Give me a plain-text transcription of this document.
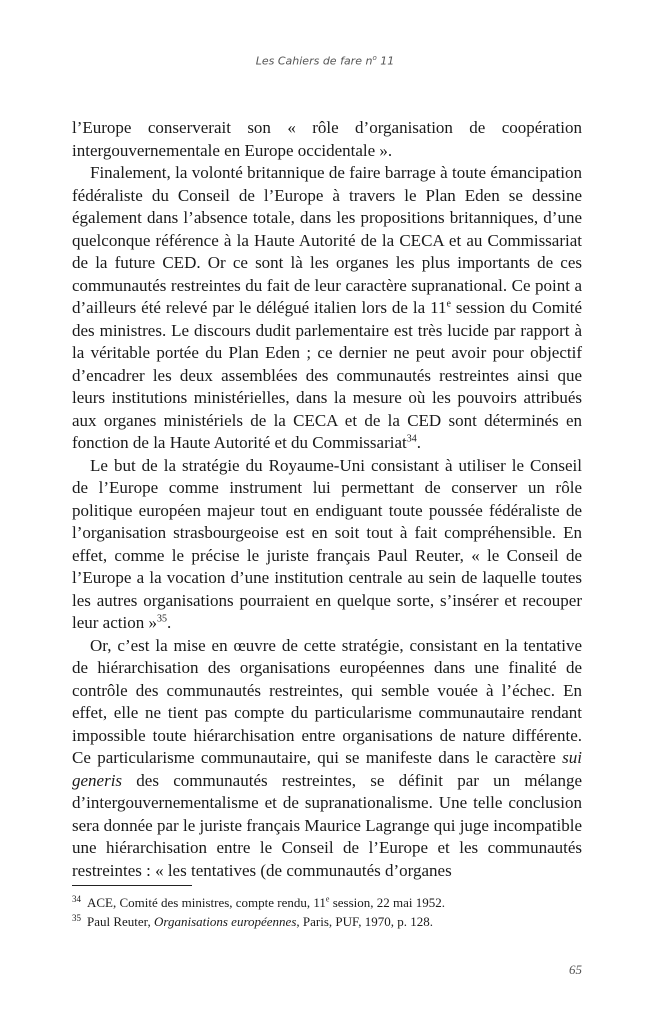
Les Cahiers de fare $n^o$ 11

l’Europe conserverait son « rôle d’organisation de coopération intergouvernementale en Europe occidentale ».

Finalement, la volonté britannique de faire barrage à toute émancipation fédéraliste du Conseil de l’Europe à travers le Plan Eden se dessine également dans l’absence totale, dans les propositions britanniques, d’une quelconque référence à la Haute Autorité de la CECA et au Commissariat de la future CED. Or ce sont là les organes les plus importants de ces communautés restreintes du fait de leur caractère supranational. Ce point a d’ailleurs été relevé par le délégué italien lors de la 11e session du Comité des ministres. Le discours dudit parlementaire est très lucide par rapport à la véritable portée du Plan Eden ; ce dernier ne peut avoir pour objectif d’encadrer les deux assemblées des communautés restreintes ainsi que leurs institutions ministérielles, dans la mesure où les pouvoirs attribués aux organes ministériels de la CECA et de la CED sont déterminés en fonction de la Haute Autorité et du Commissariat$^{34}$.

Le but de la stratégie du Royaume-Uni consistant à utiliser le Conseil de l’Europe comme instrument lui permettant de conserver un rôle politique européen majeur tout en endiguant toute poussée fédéraliste de l’organisation strasbourgeoise est en soit tout à fait compréhensible. En effet, comme le précise le juriste français Paul Reuter, « le Conseil de l’Europe a la vocation d’une institution centrale au sein de laquelle toutes les autres organisations pourraient en quelque sorte, s’insérer et recouper leur action »$^{35}$.

Or, c’est la mise en œuvre de cette stratégie, consistant en la tentative de hiérarchisation des organisations européennes dans une finalité de contrôle des communautés restreintes, qui semble vouée à l’échec. En effet, elle ne tient pas compte du particularisme communautaire rendant impossible toute hiérarchisation entre organisations de nature différente. Ce particularisme communautaire, qui se manifeste dans le caractère sui generis des communautés restreintes, se définit par un mélange d’intergouvernementalisme et de supranationalisme. Une telle conclusion sera donnée par le juriste français Maurice Lagrange qui juge incompatible une hiérarchisation entre le Conseil de l’Europe et les communautés restreintes : « les tentatives (de communautés d’organes

$^{34}$ ACE, Comité des ministres, compte rendu, 11e session, 22 mai 1952.

$^{35}$ Paul Reuter, Organisations européennes, Paris, PUF, 1970, p. 128.

65
